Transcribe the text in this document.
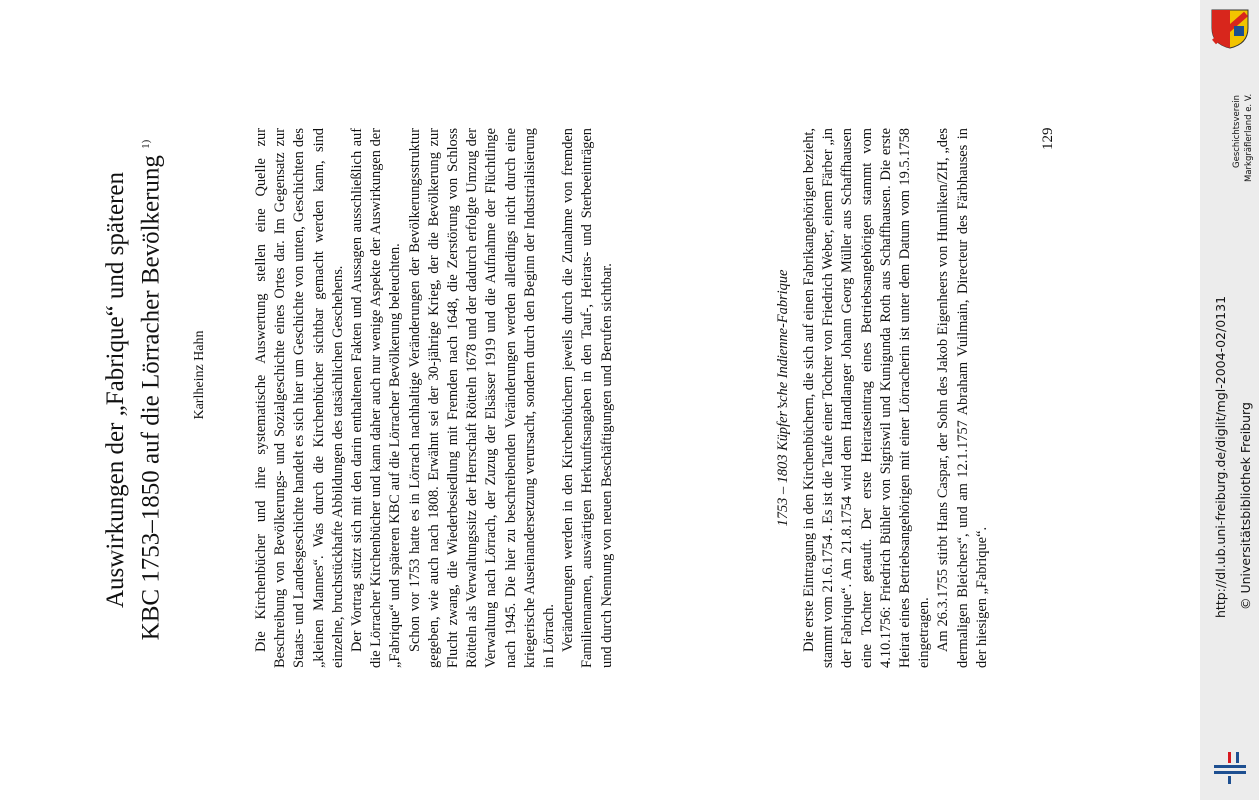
Auswirkungen der „Fabrique“ und späteren KBC 1753–1850 auf die Lörracher Bevölkerung $^{1)}$
Karlheinz Hahn	Die Kirchenbücher und ihre systematische Auswertung stellen eine Quelle zur Beschreibung von Bevölkerungs- und Sozialgeschichte eines Ortes dar. Im Gegensatz zur Staats- und Landesgeschichte handelt es sich hier um Geschichte von unten, Geschichten des „kleinen Mannes“. Was durch die Kirchenbücher sichtbar gemacht werden kann, sind einzelne, bruchstückhafte Abbildungen des tatsächlichen Geschehens. Der Vortrag stützt sich mit den darin enthaltenen Fakten und Aussagen ausschließlich auf die Lörracher Kirchenbücher und kann daher auch nur wenige Aspekte der Auswirkungen der „Fabrique“ und späteren KBC auf die Lörracher Bevölkerung beleuchten. Schon vor 1753 hatte es in Lörrach nachhaltige Veränderungen der Bevölkerungsstruktur gegeben, wie auch nach 1808. Erwähnt sei der 30-jährige Krieg, der die Bevölkerung zur Flucht zwang, die Wiederbesiedlung mit Fremden nach 1648, die Zerstörung von Schloss Rötteln als Verwaltungssitz der Herrschaft Rötteln 1678 und der dadurch erfolgte Umzug der Verwaltung nach Lörrach, der Zuzug der Elsässer 1919 und die Aufnahme der Flüchtlinge nach 1945. Die hier zu beschreibenden Veränderungen werden allerdings nicht durch eine kriegerische Auseinandersetzung verursacht, sondern durch den Beginn der Industrialisierung in Lörrach. Veränderungen werden in den Kirchenbüchern jeweils durch die Zunahme von fremden Familiennamen, auswärtigen Herkunftsangaben in den Tauf-, Heirats- und Sterbeeinträgen und durch Nennung von neuen Beschäftigungen und Berufen sichtbar.	1753 – 1803 Küpfer’sche Indienne-Fabrique Die erste Eintragung in den Kirchenbüchern, die sich auf einen Fabrikangehörigen bezieht, stammt vom 21.6.1754 . Es ist die Taufe einer Tochter von Friedrich Weber, einem Färber „in der Fabrique“. Am 21.8.1754 wird dem Handlanger Johann Georg Müller aus Schaffhausen eine Tochter getauft. Der erste Heiratseintrag eines Betriebsangehörigen stammt vom 4.10.1756: Friedrich Bühler von Sigriswil und Kunigunda Roth aus Schaffhausen. Die erste Heirat eines Betriebsangehörigen mit einer Lörracherin ist unter dem Datum vom 19.5.1758 eingetragen. Am 26.3.1755 stirbt Hans Caspar, der Sohn des Jakob Eigenheers von Humliken/ZH, „des dermaligen Bleichers“, und am 12.1.1757 Abraham Vuilmain, Directeur des Färbhauses in der hiesigen „Fabrique“.

129
http://dl.ub.uni-freiburg.de/diglit/mgl-2004-02/0131 © Universitätsbibliothek Freiburg
Geschichtsverein Markgräflerland e. V.
